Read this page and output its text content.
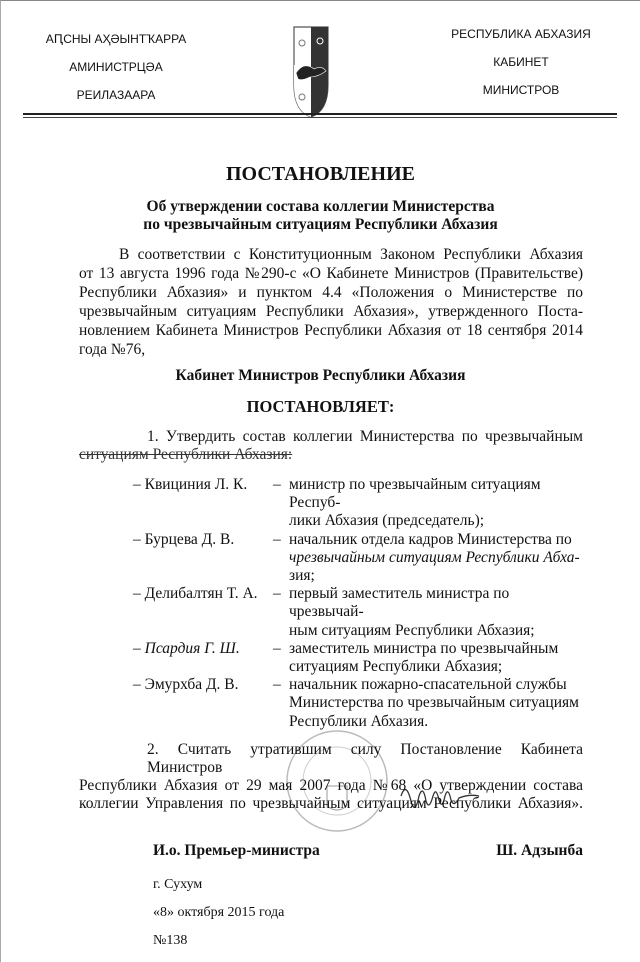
АԤСНЫ АҲӘЫНТҠАРРА
АМИНИСТРЦӘА
РЕИЛАЗААРА
РЕСПУБЛИКА АБХАЗИЯ
КАБИНЕТ
МИНИСТРОВ
ПОСТАНОВЛЕНИЕ
Об утверждении состава коллегии Министерства
по чрезвычайным ситуациям Республики Абхазия
В соответствии с Конституционным Законом Республики Абхазия
от 13 августа 1996 года №290-с «О Кабинете Министров (Правительстве)
Республики Абхазия» и пунктом 4.4 «Положения о Министерстве по
чрезвычайным ситуациям Республики Абхазия», утвержденного Поста-
новлением Кабинета Министров Республики Абхазия от 18 сентября 2014
года №76,
Кабинет Министров Республики Абхазия
ПОСТАНОВЛЯЕТ:
1. Утвердить состав коллегии Министерства по чрезвычайным
ситуациям Республики Абхазия:
– Квициния Л. К.	– министр по чрезвычайным ситуациям Респуб-
лики Абхазия (председатель);
– Бурцева Д. В.	– начальник отдела кадров Министерства по
чрезвычайным ситуациям Республики Абха-
зия;
– Делибалтян Т. А. – первый заместитель министра по чрезвычай-
ным ситуациям Республики Абхазия;
– Псардия Г. Ш.	– заместитель министра по чрезвычайным
ситуациям Республики Абхазия;
– Эмурхба Д. В.	– начальник пожарно-спасательной службы
Министерства по чрезвычайным ситуациям
Республики Абхазия.
2. Считать утратившим силу Постановление Кабинета Министров
Республики Абхазия от 29 мая 2007 года №68 «О утверждении состава
коллегии Управления по чрезвычайным ситуациям Республики Абхазия».
И.о. Премьер-министра	Ш. Адзынба
г. Сухум
«8» октября 2015 года
№138
